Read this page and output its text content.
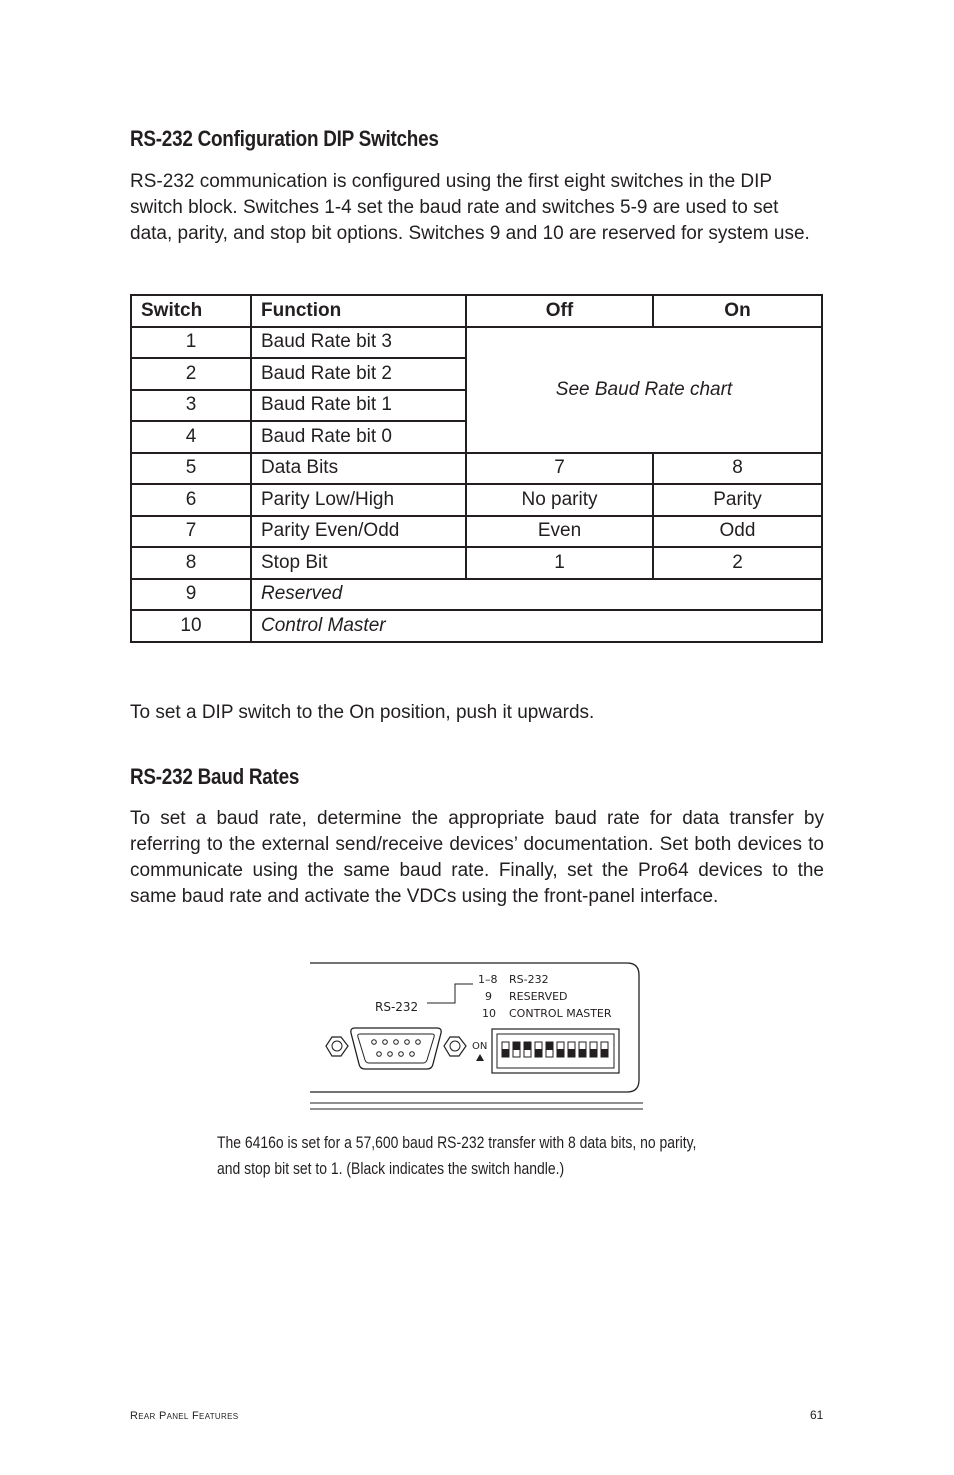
RS-232 Configuration DIP Switches

RS-232 communication is configured using the first eight switches in the DIP switch block. Switches 1-4 set the baud rate and switches 5-9 are used to set data, parity, and stop bit options. Switches 9 and 10 are reserved for system use.

Switch	Function	Off	On
1	Baud Rate bit 3	See Baud Rate chart	
2	Baud Rate bit 2		
3	Baud Rate bit 1		
4	Baud Rate bit 0		
5	Data Bits	7	8
6	Parity Low/High	No parity	Parity
7	Parity Even/Odd	Even	Odd
8	Stop Bit	1	2
9	Reserved		
10	Control Master		

To set a DIP switch to the On position, push it upwards.

RS-232 Baud Rates

To set a baud rate, determine the appropriate baud rate for data transfer by referring to the external send/receive devices’ documentation. Set both devices to communicate using the same baud rate. Finally, set the Pro64 devices to the same baud rate and activate the VDCs using the front-panel interface.

RS-232
1–8 RS-232
9 RESERVED
10 CONTROL MASTER
ON

The 6416o is set for a 57,600 baud RS-232 transfer with 8 data bits, no parity,
and stop bit set to 1. (Black indicates the switch handle.)

Rear Panel Features	61
